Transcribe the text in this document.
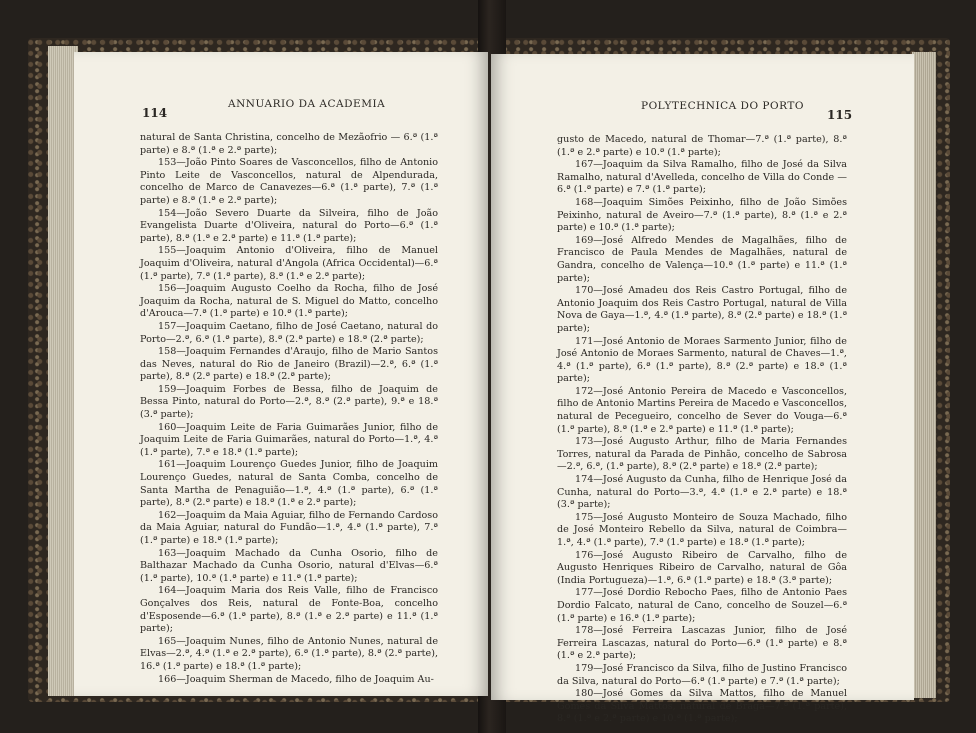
114
ANNUARIO DA ACADEMIA

natural de Santa Christina, concelho de Mezãofrio — 6.ª (1.ª parte) e 8.ª (1.ª e 2.ª parte);

153—João Pinto Soares de Vasconcellos, filho de Antonio Pinto Leite de Vasconcellos, natural de Alpendurada, concelho de Marco de Canavezes—6.ª (1.ª parte), 7.ª (1.ª parte) e 8.ª (1.ª e 2.ª parte);

154—João Severo Duarte da Silveira, filho de João Evangelista Duarte d'Oliveira, natural do Porto—6.ª (1.ª parte), 8.ª (1.ª e 2.ª parte) e 11.ª (1.ª parte);

155—Joaquim Antonio d'Oliveira, filho de Manuel Joaquim d'Oliveira, natural d'Angola (Africa Occidental)—6.ª (1.ª parte), 7.ª (1.ª parte), 8.ª (1.ª e 2.ª parte);

156—Joaquim Augusto Coelho da Rocha, filho de José Joaquim da Rocha, natural de S. Miguel do Matto, concelho d'Arouca—7.ª (1.ª parte) e 10.ª (1.ª parte);

157—Joaquim Caetano, filho de José Caetano, natural do Porto—2.ª, 6.ª (1.ª parte), 8.ª (2.ª parte) e 18.ª (2.ª parte);

158—Joaquim Fernandes d'Araujo, filho de Mario Santos das Neves, natural do Rio de Janeiro (Brazil)—2.ª, 6.ª (1.ª parte), 8.ª (2.ª parte) e 18.ª (2.ª parte);

159—Joaquim Forbes de Bessa, filho de Joaquim de Bessa Pinto, natural do Porto—2.ª, 8.ª (2.ª parte), 9.ª e 18.ª (3.ª parte);

160—Joaquim Leite de Faria Guimarães Junior, filho de Joaquim Leite de Faria Guimarães, natural do Porto—1.ª, 4.ª (1.ª parte), 7.ª e 18.ª (1.ª parte);

161—Joaquim Lourenço Guedes Junior, filho de Joaquim Lourenço Guedes, natural de Santa Comba, concelho de Santa Martha de Penaguião—1.ª, 4.ª (1.ª parte), 6.ª (1.ª parte), 8.ª (2.ª parte) e 18.ª (1.ª e 2.ª parte);

162—Joaquim da Maia Aguiar, filho de Fernando Cardoso da Maia Aguiar, natural do Fundão—1.ª, 4.ª (1.ª parte), 7.ª (1.ª parte) e 18.ª (1.ª parte);

163—Joaquim Machado da Cunha Osorio, filho de Balthazar Machado da Cunha Osorio, natural d'Elvas—6.ª (1.ª parte), 10.ª (1.ª parte) e 11.ª (1.ª parte);

164—Joaquim Maria dos Reis Valle, filho de Francisco Gonçalves dos Reis, natural de Fonte-Boa, concelho d'Esposende—6.ª (1.ª parte), 8.ª (1.ª e 2.ª parte) e 11.ª (1.ª parte);

165—Joaquim Nunes, filho de Antonio Nunes, natural de Elvas—2.ª, 4.ª (1.ª e 2.ª parte), 6.ª (1.ª parte), 8.ª (2.ª parte), 16.ª (1.ª parte) e 18.ª (1.ª parte);

166—Joaquim Sherman de Macedo, filho de Joaquim Au-

POLYTECHNICA DO PORTO
115

gusto de Macedo, natural de Thomar—7.ª (1.ª parte), 8.ª (1.ª e 2.ª parte) e 10.ª (1.ª parte);

167—Joaquim da Silva Ramalho, filho de José da Silva Ramalho, natural d'Avelleda, concelho de Villa do Conde — 6.ª (1.ª parte) e 7.ª (1.ª parte);

168—Joaquim Simões Peixinho, filho de João Simões Peixinho, natural de Aveiro—7.ª (1.ª parte), 8.ª (1.ª e 2.ª parte) e 10.ª (1.ª parte);

169—José Alfredo Mendes de Magalhães, filho de Francisco de Paula Mendes de Magalhães, natural de Gandra, concelho de Valença—10.ª (1.ª parte) e 11.ª (1.ª parte);

170—José Amadeu dos Reis Castro Portugal, filho de Antonio Joaquim dos Reis Castro Portugal, natural de Villa Nova de Gaya—1.ª, 4.ª (1.ª parte), 8.ª (2.ª parte) e 18.ª (1.ª parte);

171—José Antonio de Moraes Sarmento Junior, filho de José Antonio de Moraes Sarmento, natural de Chaves—1.ª, 4.ª (1.ª parte), 6.ª (1.ª parte), 8.ª (2.ª parte) e 18.ª (1.ª parte);

172—José Antonio Pereira de Macedo e Vasconcellos, filho de Antonio Martins Pereira de Macedo e Vasconcellos, natural de Pecegueiro, concelho de Sever do Vouga—6.ª (1.ª parte), 8.ª (1.ª e 2.ª parte) e 11.ª (1.ª parte);

173—José Augusto Arthur, filho de Maria Fernandes Torres, natural da Parada de Pinhão, concelho de Sabrosa—2.ª, 6.ª, (1.ª parte), 8.ª (2.ª parte) e 18.ª (2.ª parte);

174—José Augusto da Cunha, filho de Henrique José da Cunha, natural do Porto—3.ª, 4.ª (1.ª e 2.ª parte) e 18.ª (3.ª parte);

175—José Augusto Monteiro de Souza Machado, filho de José Monteiro Rebello da Silva, natural de Coimbra—1.ª, 4.ª (1.ª parte), 7.ª (1.ª parte) e 18.ª (1.ª parte);

176—José Augusto Ribeiro de Carvalho, filho de Augusto Henriques Ribeiro de Carvalho, natural de Gôa (India Portugueza)—1.ª, 6.ª (1.ª parte) e 18.ª (3.ª parte);

177—José Dordio Rebocho Paes, filho de Antonio Paes Dordio Falcato, natural de Cano, concelho de Souzel—6.ª (1.ª parte) e 16.ª (1.ª parte);

178—José Ferreira Lascazas Junior, filho de José Ferreira Lascazas, natural do Porto—6.ª (1.ª parte) e 8.ª (1.ª e 2.ª parte);

179—José Francisco da Silva, filho de Justino Francisco da Silva, natural do Porto—6.ª (1.ª parte) e 7.ª (1.ª parte);

180—José Gomes da Silva Mattos, filho de Manuel Gomes da Silva Mattos, natural de Braga—7.ª (1.ª parte), 8.ª (1.ª e 2.ª parte) e 10.ª (1.ª parte);
